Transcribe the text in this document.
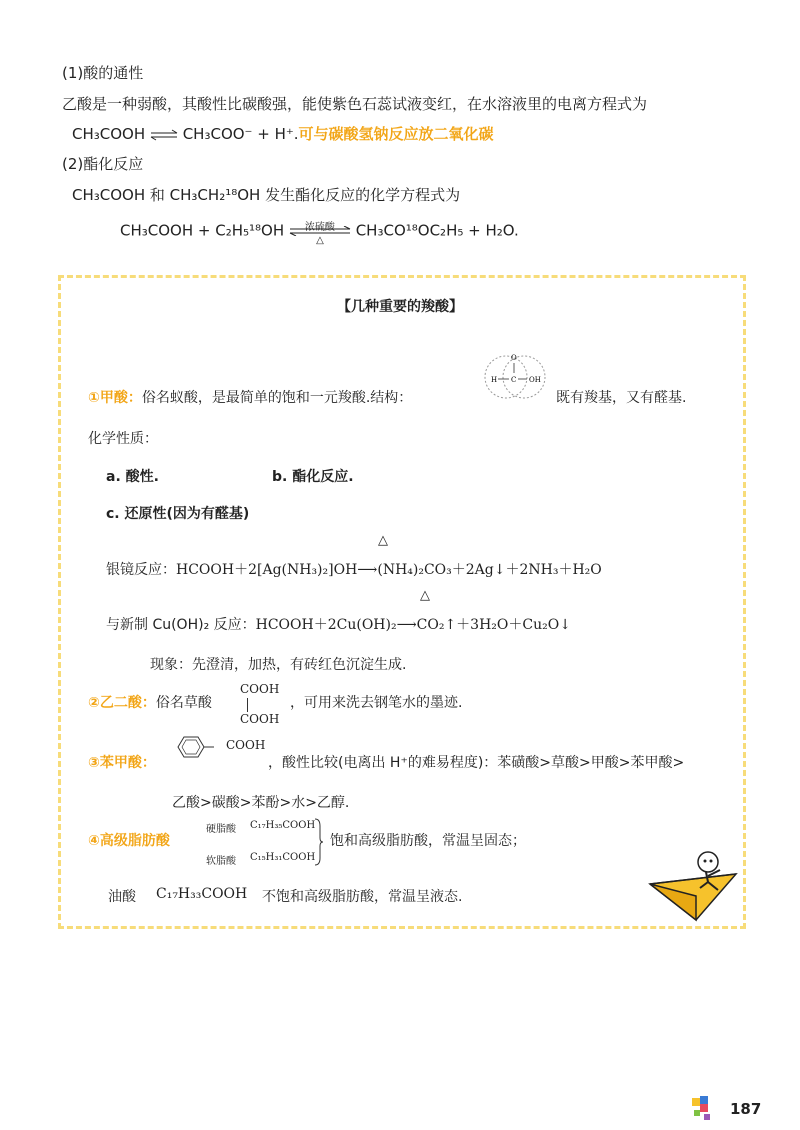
(1)酸的通性
乙酸是一种弱酸，其酸性比碳酸强，能使紫色石蕊试液变红，在水溶液里的电离方程式为
CH₃COOH ⇌ CH₃COO⁻ + H⁺.可与碳酸氢钠反应放二氧化碳
(2)酯化反应
CH₃COOH 和 CH₃CH₂¹⁸OH 发生酯化反应的化学方程式为
CH₃COOH + C₂H₅¹⁸OH	浓硫酸
△
CH₃CO¹⁸OC₂H₅ + H₂O.
【几种重要的羧酸】
①甲酸：俗名蚁酸，是最简单的饱和一元羧酸.结构：
O
H C OH
既有羧基，又有醛基.
化学性质：
a. 酸性.	b. 酯化反应.
c. 还原性(因为有醛基)
△
银镜反应：HCOOH＋2[Ag(NH₃)₂]OH⟶(NH₄)₂CO₃＋2Ag↓＋2NH₃＋H₂O
△
与新制 Cu(OH)₂ 反应：HCOOH＋2Cu(OH)₂⟶CO₂↑＋3H₂O＋Cu₂O↓
现象：先澄清，加热，有砖红色沉淀生成.
②乙二酸：俗名草酸
COOH
COOH
，可用来洗去钢笔水的墨迹.
③苯甲酸：
COOH
，酸性比较(电离出 H⁺的难易程度)：苯磺酸>草酸>甲酸>苯甲酸>
乙酸>碳酸>苯酚>水>乙醇.
④高级脂肪酸
硬脂酸 C₁₇H₃₅COOH
软脂酸 C₁₅H₃₁COOH
饱和高级脂肪酸，常温呈固态；
油酸 C₁₇H₃₃COOH 不饱和高级脂肪酸，常温呈液态.
187
